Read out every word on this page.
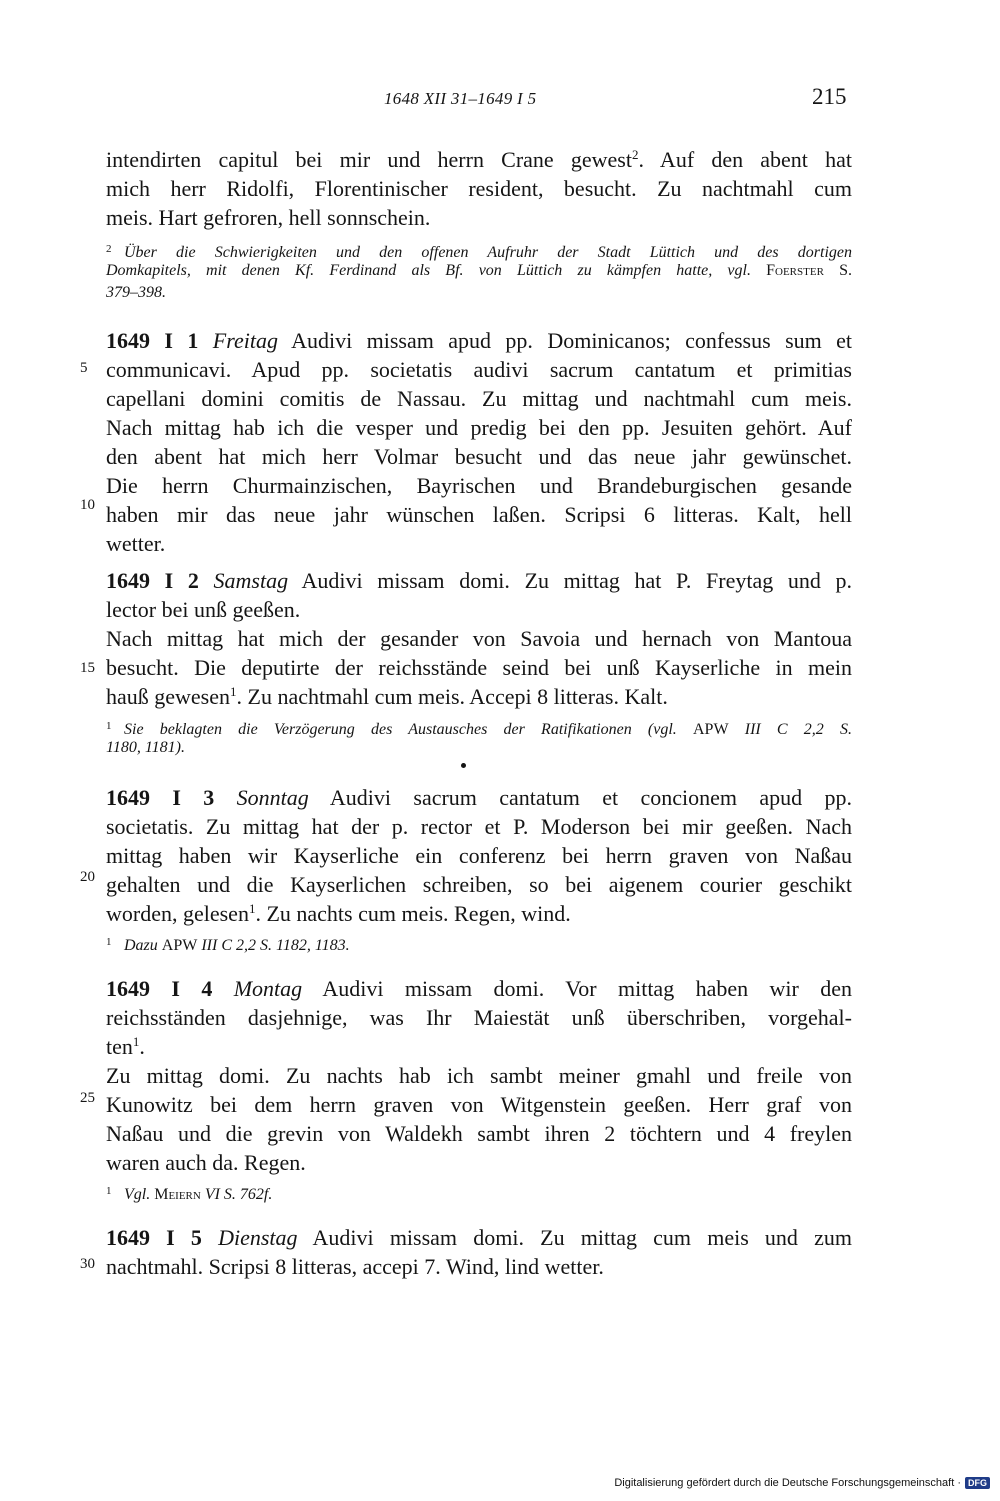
1648 XII 31–1649 I 5	215
intendirten capitul bei mir und herrn Crane gewest$^2$. Auf den abent hat
mich herr Ridolfi, Florentinischer resident, besucht. Zu nachtmahl cum
meis. Hart gefroren, hell sonnschein.
2 Über die Schwierigkeiten und den offenen Aufruhr der Stadt Lüttich und des dortigen
Domkapitels, mit denen Kf. Ferdinand als Bf. von Lüttich zu kämpfen hatte, vgl. Foerster S.
379–398.
1649 I 1 Freitag Audivi missam apud pp. Dominicanos; confessus sum et
communicavi. Apud pp. societatis audivi sacrum cantatum et primitias
capellani domini comitis de Nassau. Zu mittag und nachtmahl cum meis.
Nach mittag hab ich die vesper und predig bei den pp. Jesuiten gehört. Auf
den abent hat mich herr Volmar besucht und das neue jahr gewünschet.
Die herrn Churmainzischen, Bayrischen und Brandeburgischen gesande
haben mir das neue jahr wünschen laßen. Scripsi 6 litteras. Kalt, hell
wetter.
1649 I 2 Samstag Audivi missam domi. Zu mittag hat P. Freytag und p.
lector bei unß geeßen.
Nach mittag hat mich der gesander von Savoia und hernach von Mantoua
besucht. Die deputirte der reichsstände seind bei unß Kayserliche in mein
hauß gewesen$^1$. Zu nachtmahl cum meis. Accepi 8 litteras. Kalt.
1 Sie beklagten die Verzögerung des Austausches der Ratifikationen (vgl. APW III C 2,2 S.
1180, 1181).
1649 I 3 Sonntag Audivi sacrum cantatum et concionem apud pp.
societatis. Zu mittag hat der p. rector et P. Moderson bei mir geeßen. Nach
mittag haben wir Kayserliche ein conferenz bei herrn graven von Naßau
gehalten und die Kayserlichen schreiben, so bei aigenem courier geschikt
worden, gelesen$^1$. Zu nachts cum meis. Regen, wind.
1 Dazu APW III C 2,2 S. 1182, 1183.
1649 I 4 Montag Audivi missam domi. Vor mittag haben wir den
reichsständen dasjehnige, was Ihr Maiestät unß überschriben, vorgehal-
ten$^1$.
Zu mittag domi. Zu nachts hab ich sambt meiner gmahl und freile von
Kunowitz bei dem herrn graven von Witgenstein geeßen. Herr graf von
Naßau und die grevin von Waldekh sambt ihren 2 töchtern und 4 freylen
waren auch da. Regen.
1 Vgl. Meiern VI S. 762f.
1649 I 5 Dienstag Audivi missam domi. Zu mittag cum meis und zum
nachtmahl. Scripsi 8 litteras, accepi 7. Wind, lind wetter.
5
10
15
20
25
30
Digitalisierung gefördert durch die Deutsche Forschungsgemeinschaft · DFG
